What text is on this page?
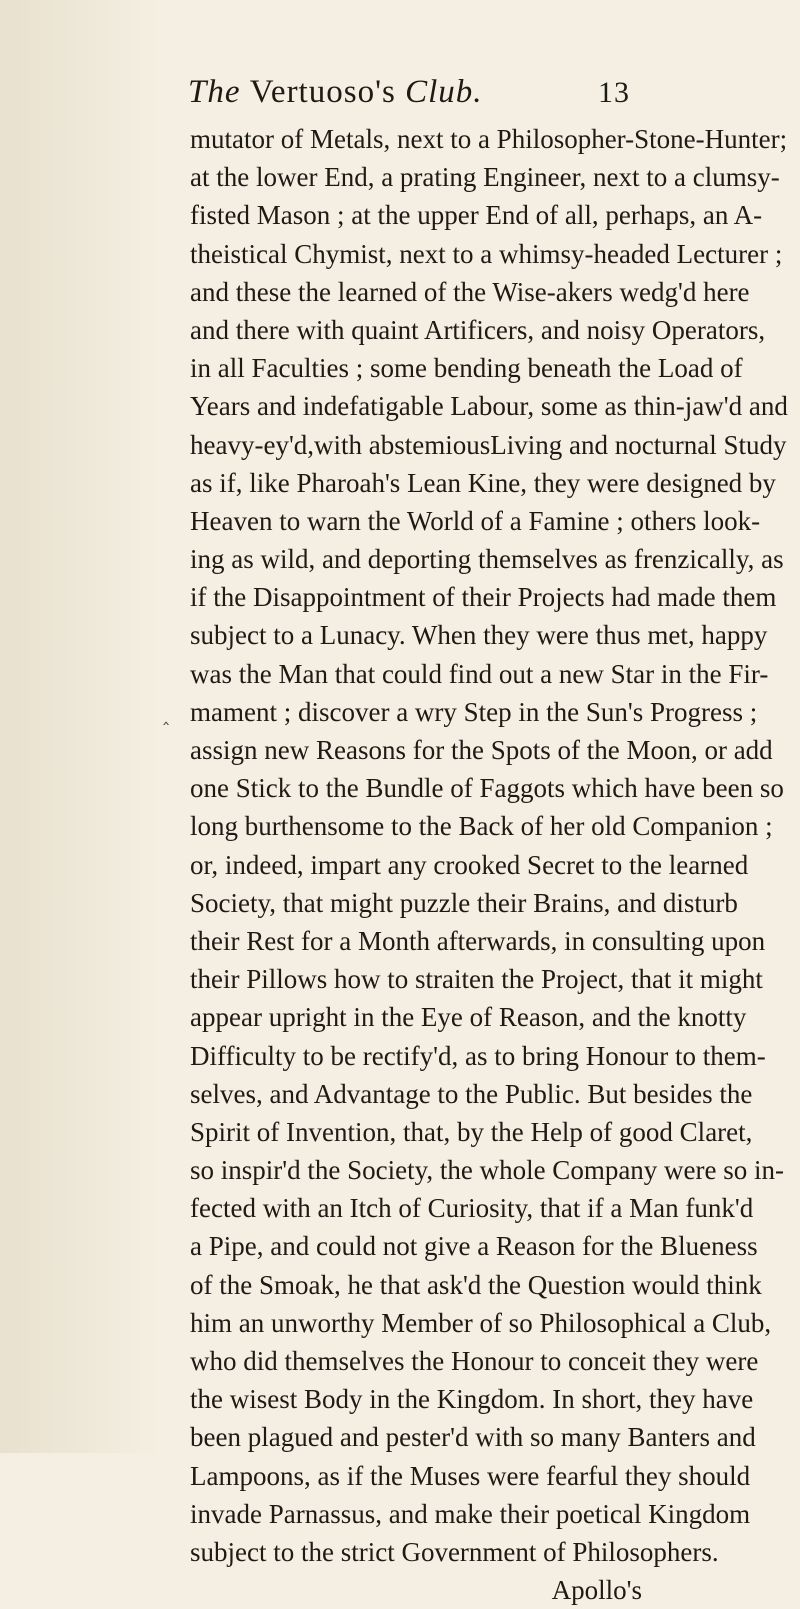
The Vertuoso's Club.	13
‸
mutator of Metals, next to a Philosopher-Stone-Hunter;
at the lower End, a prating Engineer, next to a clumsy-
fisted Mason ; at the upper End of all, perhaps, an A-
theistical Chymist, next to a whimsy-headed Lecturer ;
and these the learned of the Wise-akers wedg'd here
and there with quaint Artificers, and noisy Operators,
in all Faculties ; some bending beneath the Load of
Years and indefatigable Labour, some as thin-jaw'd and
heavy-ey'd,with abstemiousLiving and nocturnal Study
as if, like Pharoah's Lean Kine, they were designed by
Heaven to warn the World of a Famine ; others look-
ing as wild, and deporting themselves as frenzically, as
if the Disappointment of their Projects had made them
subject to a Lunacy. When they were thus met, happy
was the Man that could find out a new Star in the Fir-
mament ; discover a wry Step in the Sun's Progress ;
assign new Reasons for the Spots of the Moon, or add
one Stick to the Bundle of Faggots which have been so
long burthensome to the Back of her old Companion ;
or, indeed, impart any crooked Secret to the learned
Society, that might puzzle their Brains, and disturb
their Rest for a Month afterwards, in consulting upon
their Pillows how to straiten the Project, that it might
appear upright in the Eye of Reason, and the knotty
Difficulty to be rectify'd, as to bring Honour to them-
selves, and Advantage to the Public. But besides the
Spirit of Invention, that, by the Help of good Claret,
so inspir'd the Society, the whole Company were so in-
fected with an Itch of Curiosity, that if a Man funk'd
a Pipe, and could not give a Reason for the Blueness
of the Smoak, he that ask'd the Question would think
him an unworthy Member of so Philosophical a Club,
who did themselves the Honour to conceit they were
the wisest Body in the Kingdom. In short, they have
been plagued and pester'd with so many Banters and
Lampoons, as if the Muses were fearful they should
invade Parnassus, and make their poetical Kingdom
subject to the strict Government of Philosophers.
Apollo's
